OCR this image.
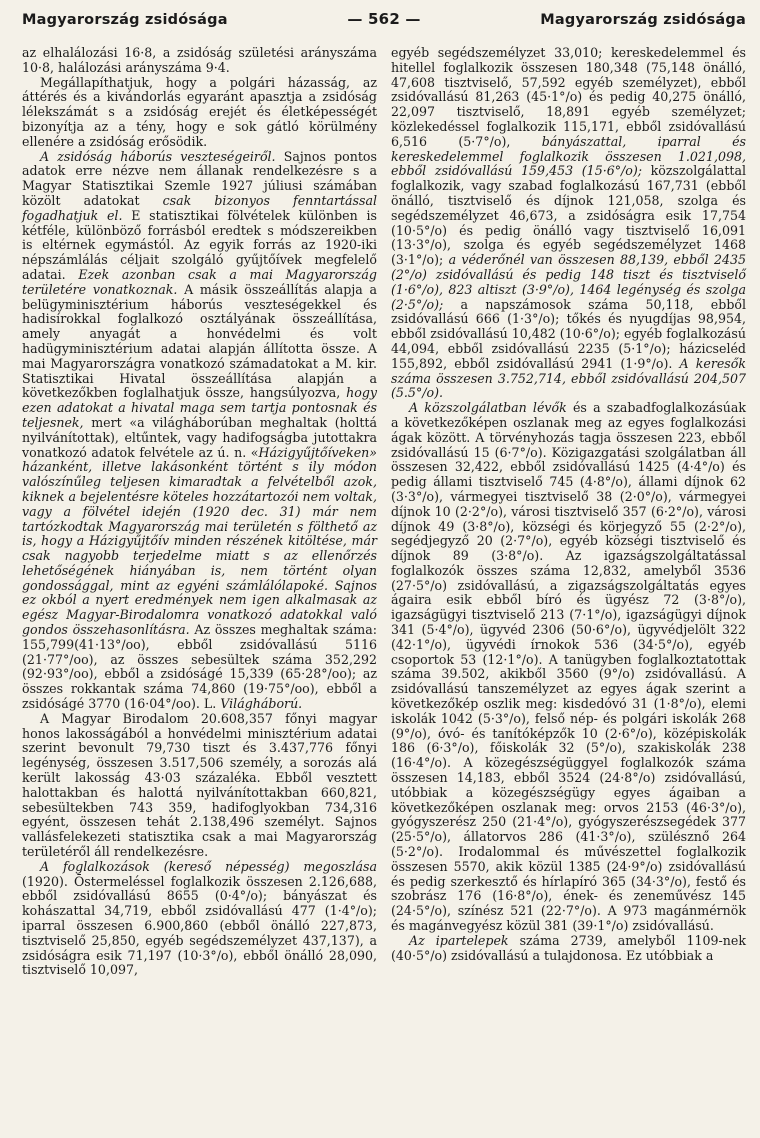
Magyarország zsidósága	— 562 —	Magyarország zsidósága

az elhalálozási 16·8, a zsidóság születési arányszáma 10·8, halálozási arányszáma 9·4.

Megállapíthatjuk, hogy a polgári házasság, az áttérés és a kivándorlás egyaránt apasztja a zsidóság lélekszámát s a zsidóság erejét és életképességét bizonyítja az a tény, hogy e sok gátló körülmény ellenére a zsidóság erősödik.

A zsidóság háborús veszteségeiről. Sajnos pontos adatok erre nézve nem állanak rendelkezésre s a Magyar Statisztikai Szemle 1927 júliusi számában közölt adatokat csak bizonyos fenntartással fogadhatjuk el. E statisztikai fölvételek különben is kétféle, különböző forrásból eredtek s módszereikben is eltérnek egymástól. Az egyik forrás az 1920-iki népszámlálás céljait szolgáló gyűjtőívek megfelelő adatai. Ezek azonban csak a mai Magyarország területére vonatkoznak. A másik összeállítás alapja a belügyminisztérium háborús veszteségekkel és hadisírokkal foglalkozó osztályának összeállítása, amely anyagát a honvédelmi és volt hadügyminisztérium adatai alapján állította össze. A mai Magyarországra vonatkozó számadatokat a M. kir. Statisztikai Hivatal összeállítása alapján a következőkben foglalhatjuk össze, hangsúlyozva, hogy ezen adatokat a hivatal maga sem tartja pontosnak és teljesnek, mert «a világháborúban meghaltak (holttá nyilvánítottak), eltűntek, vagy hadifogságba jutottakra vonatkozó adatok felvétele az ú. n. «Házigyűjtőíveken» házanként, illetve lakásonként történt s ily módon valószínűleg teljesen kimaradtak a felvételből azok, kiknek a bejelentésre köteles hozzátartozói nem voltak, vagy a fölvétel idején (1920 dec. 31) már nem tartózkodtak Magyarország mai területén s fölthető az is, hogy a Házigyűjtőív minden részének kitöltése, már csak nagyobb terjedelme miatt s az ellenőrzés lehetőségének hiányában is, nem történt olyan gondossággal, mint az egyéni számlálólapoké. Sajnos ez okból a nyert eredmények nem igen alkalmasak az egész Magyar-Birodalomra vonatkozó adatokkal való gondos összehasonlításra. Az összes meghaltak száma: 155,799(41·13°/oo), ebből zsidóvallású 5116 (21·77°/oo), az összes sebesültek száma 352,292 (92·93°/oo), ebből a zsidóságé 15,339 (65·28°/oo); az összes rokkantak száma 74,860 (19·75°/oo), ebből a zsidóságé 3770 (16·04°/oo). L. Világháború.

A Magyar Birodalom 20.608,357 főnyi magyar honos lakosságából a honvédelmi minisztérium adatai szerint bevonult 79,730 tiszt és 3.437,776 főnyi legénység, összesen 3.517,506 személy, a sorozás alá került lakosság 43·03 százaléka. Ebből vesztett halottakban és halottá nyilvánítottakban 660,821, sebesültekben 743 359, hadifoglyokban 734,316 egyént, összesen tehát 2.138,496 személyt. Sajnos vallásfelekezeti statisztika csak a mai Magyarország területéről áll rendelkezésre.

A foglalkozások (kereső népesség) megoszlása (1920). Ōstermeléssel foglalkozik összesen 2.126,688, ebből zsidóvallású 8655 (0·4°/o); bányászat és kohászattal 34,719, ebből zsidóvallású 477 (1·4°/o); iparral összesen 6.900,860 (ebből önálló 227,873, tisztviselő 25,850, egyéb segédszemélyzet 437,137), a zsidóságra esik 71,197 (10·3°/o), ebből önálló 28,090, tisztviselő 10,097,

egyéb segédszemélyzet 33,010; kereskedelemmel és hitellel foglalkozik összesen 180,348 (75,148 önálló, 47,608 tisztviselő, 57,592 egyéb személyzet), ebből zsidóvallású 81,263 (45·1°/o) és pedig 40,275 önálló, 22,097 tisztviselő, 18,891 egyéb személyzet; közlekedéssel foglalkozik 115,171, ebből zsidóvallású 6,516 (5·7°/o), bányászattal, iparral és kereskedelemmel foglalkozik összesen 1.021,098, ebből zsidóvallású 159,453 (15·6°/o); közszolgálattal foglalkozik, vagy szabad foglalkozású 167,731 (ebből önálló, tisztviselő és díjnok 121,058, szolga és segédszemélyzet 46,673, a zsidóságra esik 17,754 (10·5°/o) és pedig önálló vagy tisztviselő 16,091 (13·3°/o), szolga és egyéb segédszemélyzet 1468 (3·1°/o); a véderőnél van összesen 88,139, ebből 2435 (2°/o) zsidóvallású és pedig 148 tiszt és tisztviselő (1·6°/o), 823 altiszt (3·9°/o), 1464 legénység és szolga (2·5°/o); a napszámosok száma 50,118, ebből zsidóvallású 666 (1·3°/o); tőkés és nyugdíjas 98,954, ebből zsidóvallású 10,482 (10·6°/o); egyéb foglalkozású 44,094, ebből zsidóvallású 2235 (5·1°/o); házicseléd 155,892, ebből zsidóvallású 2941 (1·9°/o). A keresők száma összesen 3.752,714, ebből zsidóvallású 204,507 (5.5°/o).

A közszolgálatban lévők és a szabadfoglalkozásúak a következőképen oszlanak meg az egyes foglalkozási ágak között. A törvényhozás tagja összesen 223, ebből zsidóvallású 15 (6·7°/o). Közigazgatási szolgálatban áll összesen 32,422, ebből zsidóvallású 1425 (4·4°/o) és pedig állami tisztviselő 745 (4·8°/o), állami díjnok 62 (3·3°/o), vármegyei tisztviselő 38 (2·0°/o), vármegyei díjnok 10 (2·2°/o), városi tisztviselő 357 (6·2°/o), városi díjnok 49 (3·8°/o), községi és körjegyző 55 (2·2°/o), segédjegyző 20 (2·7°/o), egyéb községi tisztviselő és díjnok 89 (3·8°/o). Az igazságszolgáltatással foglalkozók összes száma 12,832, amelyből 3536 (27·5°/o) zsidóvallású, a zigazságszolgáltatás egyes ágaira esik ebből bíró és ügyész 72 (3·8°/o), igazságügyi tisztviselő 213 (7·1°/o), igazságügyi díjnok 341 (5·4°/o), ügyvéd 2306 (50·6°/o), ügyvédjelölt 322 (42·1°/o), ügyvédi írnokok 536 (34·5°/o), egyéb csoportok 53 (12·1°/o). A tanügyben foglalkoztatottak száma 39.502, akikből 3560 (9°/o) zsidóvallású. A zsidóvallású tanszemélyzet az egyes ágak szerint a következőkép oszlik meg: kisdedóvó 31 (1·8°/o), elemi iskolák 1042 (5·3°/o), felső nép- és polgári iskolák 268 (9°/o), óvó- és tanítóképzők 10 (2·6°/o), középiskolák 186 (6·3°/o), főiskolák 32 (5°/o), szakiskolák 238 (16·4°/o). A közegészségüggyel foglalkozók száma összesen 14,183, ebből 3524 (24·8°/o) zsidóvallású, utóbbiak a közegészségügy egyes ágaiban a következőképen oszlanak meg: orvos 2153 (46·3°/o), gyógyszerész 250 (21·4°/o), gyógyszerészsegédek 377 (25·5°/o), állatorvos 286 (41·3°/o), szülésznő 264 (5·2°/o). Irodalommal és művészettel foglalkozik összesen 5570, akik közül 1385 (24·9°/o) zsidóvallású és pedig szerkesztő és hírlapíró 365 (34·3°/o), festő és szobrász 176 (16·8°/o), ének- és zeneművész 145 (24·5°/o), színész 521 (22·7°/o). A 973 magánmérnök és magánvegyész közül 381 (39·1°/o) zsidóvallású.

Az ipartelepek száma 2739, amelyből 1109-nek (40·5°/o) zsidóvallású a tulajdonosa. Ez utóbbiak a
